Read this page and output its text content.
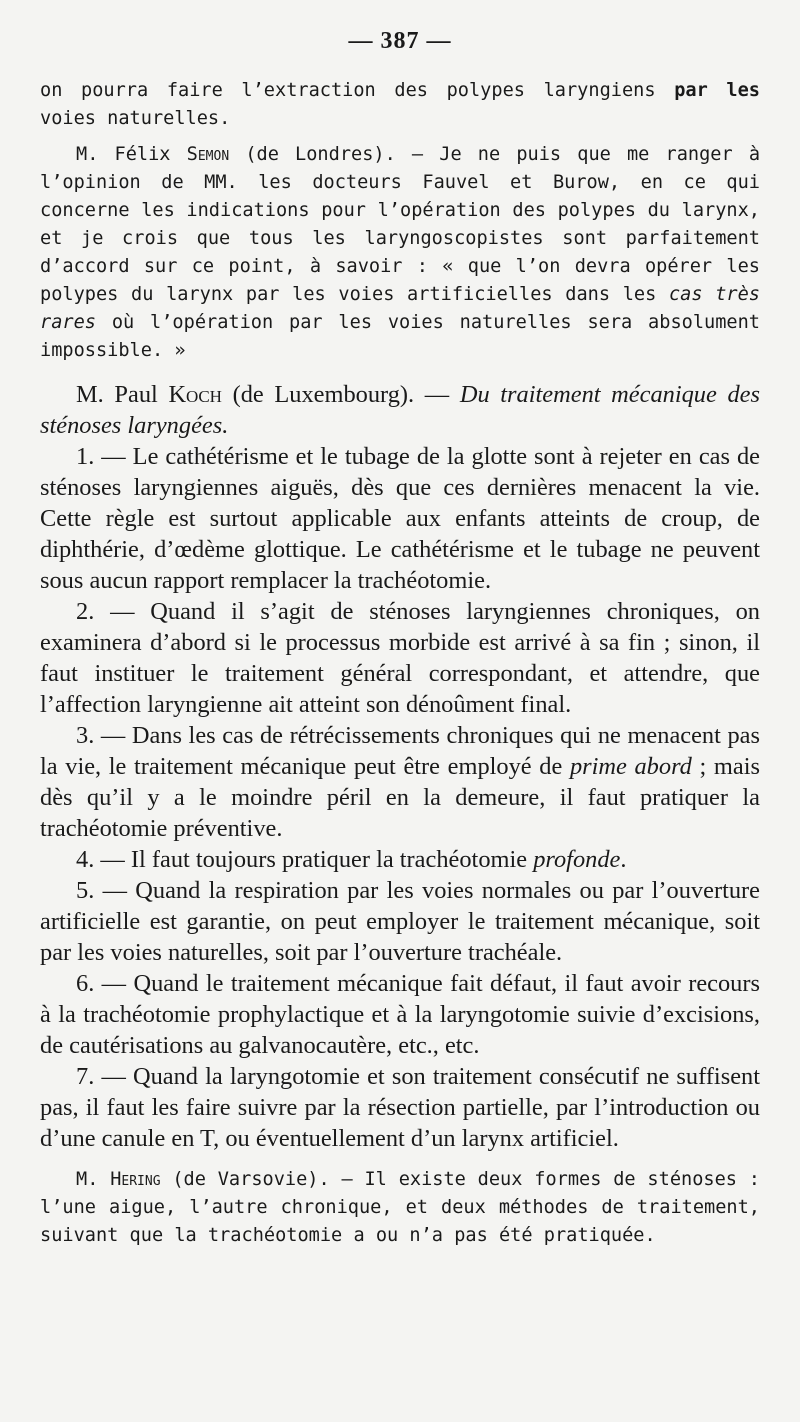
— 387 —

on pourra faire l’extraction des polypes laryngiens par les voies naturelles.

M. Félix Semon (de Londres). — Je ne puis que me ranger à l’opinion de MM. les docteurs Fauvel et Burow, en ce qui concerne les indications pour l’opération des polypes du larynx, et je crois que tous les laryngoscopistes sont parfaitement d’accord sur ce point, à savoir : « que l’on devra opérer les polypes du larynx par les voies artificielles dans les cas très rares où l’opération par les voies naturelles sera absolument impossible. »

M. Paul Koch (de Luxembourg). — Du traitement mécanique des sténoses laryngées.

1. — Le cathétérisme et le tubage de la glotte sont à rejeter en cas de sténoses laryngiennes aiguës, dès que ces dernières menacent la vie. Cette règle est surtout applicable aux enfants atteints de croup, de diphthérie, d’œdème glottique. Le cathétérisme et le tubage ne peuvent sous aucun rapport remplacer la trachéotomie.

2. — Quand il s’agit de sténoses laryngiennes chroniques, on examinera d’abord si le processus morbide est arrivé à sa fin ; sinon, il faut instituer le traitement général correspondant, et attendre, que l’affection laryngienne ait atteint son dénoûment final.

3. — Dans les cas de rétrécissements chroniques qui ne menacent pas la vie, le traitement mécanique peut être employé de prime abord ; mais dès qu’il y a le moindre péril en la demeure, il faut pratiquer la trachéotomie préventive.

4. — Il faut toujours pratiquer la trachéotomie profonde.

5. — Quand la respiration par les voies normales ou par l’ouverture artificielle est garantie, on peut employer le traitement mécanique, soit par les voies naturelles, soit par l’ouverture trachéale.

6. — Quand le traitement mécanique fait défaut, il faut avoir recours à la trachéotomie prophylactique et à la laryngotomie suivie d’excisions, de cautérisations au galvanocautère, etc., etc.

7. — Quand la laryngotomie et son traitement consécutif ne suffisent pas, il faut les faire suivre par la résection partielle, par l’introduction ou d’une canule en T, ou éventuellement d’un larynx artificiel.

M. Hering (de Varsovie). — Il existe deux formes de sténoses : l’une aigue, l’autre chronique, et deux méthodes de traitement, suivant que la trachéotomie a ou n’a pas été pratiquée.
